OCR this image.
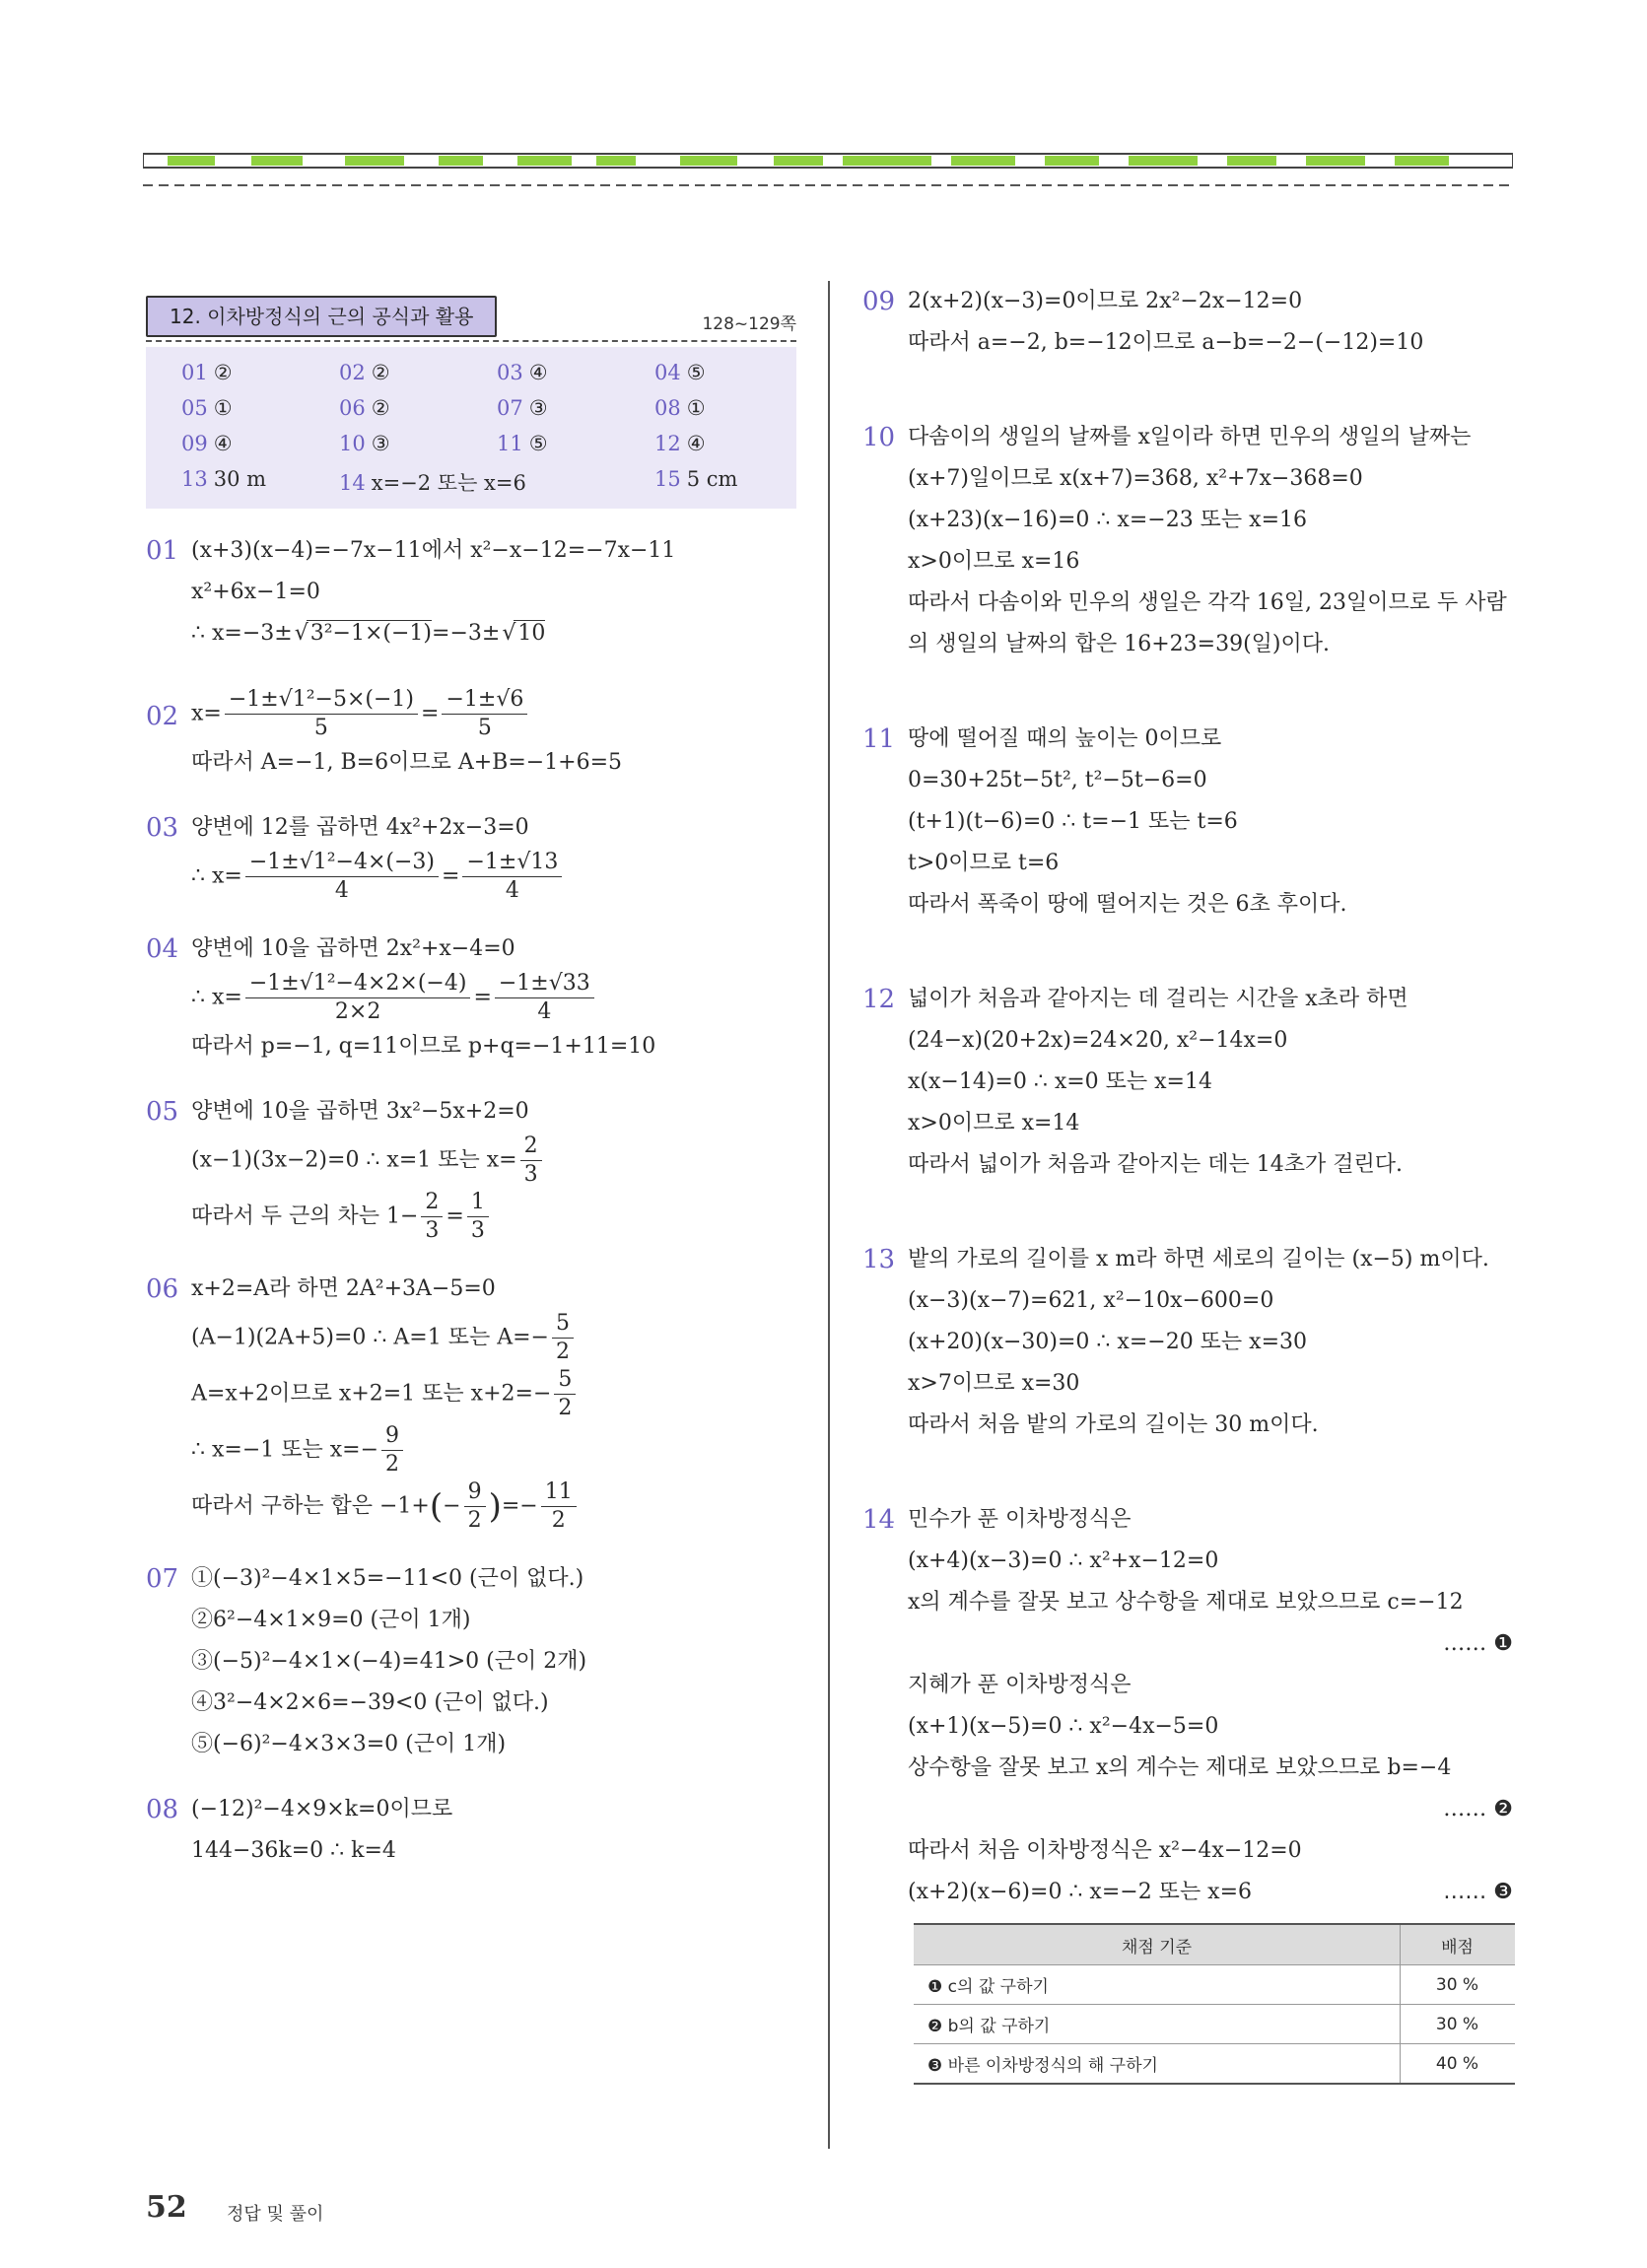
12. 이차방정식의 근의 공식과 활용	128~129쪽
01 ②	02 ②	03 ④	04 ⑤
05 ①	06 ②	07 ③	08 ①
09 ④	10 ③	11 ⑤	12 ④
13 30 m	14 x=−2 또는 x=6	15 5 cm
01 (x+3)(x−4)=−7x−11에서 x²−x−12=−7x−11
x²+6x−1=0
∴ x=−3± √ 3²−1×(−1)=−3± √ 10
02 $x= \frac{\text{−1±√1²−5×(−1)}}{5} = \frac{-1\pm√6}{5}$
따라서 A=−1, B=6이므로 A+B=−1+6=5
03 양변에 12를 곱하면 4x²+2x−3=0
∴ $x= \frac{\text{−1±√1²−4×(−3)}}{4} = \frac{-1\pm√13}{4}$
04 양변에 10을 곱하면 2x²+x−4=0
∴ $x= \frac{\text{−1±√1²−4×2×(−4)}}{2\times 2} = \frac{-1\pm√33}{4}$
따라서 p=−1, q=11이므로 p+q=−1+11=10
05 양변에 10을 곱하면 3x²−5x+2=0
(x−1)(3x−2)=0 ∴ x=1 또는 $x= \frac{2}{3}$
따라서 두 근의 차는 $1- \frac{2}{3} = \frac{1}{3}$
06 x+2=A라 하면 2A²+3A−5=0
(A−1)(2A+5)=0 ∴ A=1 또는 $A=- \frac{5}{2}$
A=x+2이므로 x+2=1 또는 $x+2=- \frac{5}{2}$
∴ x=−1 또는 $x=- \frac{9}{2}$
따라서 구하는 합은 $-1+(- \frac{9}{2}$ )=− $\frac{11}{2}$
07 ①(−3)²−4×1×5=−11<0 (근이 없다.)
②6²−4×1×9=0 (근이 1개)
③(−5)²−4×1×(−4)=41>0 (근이 2개)
④3²−4×2×6=−39<0 (근이 없다.)
⑤(−6)²−4×3×3=0 (근이 1개)
08 (−12)²−4×9×k=0이므로
144−36k=0 ∴ k=4
09 2(x+2)(x−3)=0이므로 2x²−2x−12=0
따라서 a=−2, b=−12이므로 a−b=−2−(−12)=10
10 다솜이의 생일의 날짜를 x일이라 하면 민우의 생일의 날짜는
(x+7)일이므로 x(x+7)=368, x²+7x−368=0
(x+23)(x−16)=0 ∴ x=−23 또는 x=16
x>0이므로 x=16
따라서 다솜이와 민우의 생일은 각각 16일, 23일이므로 두 사람
의 생일의 날짜의 합은 16+23=39(일)이다.
11 땅에 떨어질 때의 높이는 0이므로
0=30+25t−5t², t²−5t−6=0
(t+1)(t−6)=0 ∴ t=−1 또는 t=6
t>0이므로 t=6
따라서 폭죽이 땅에 떨어지는 것은 6초 후이다.
12 넓이가 처음과 같아지는 데 걸리는 시간을 x초라 하면
(24−x)(20+2x)=24×20, x²−14x=0
x(x−14)=0 ∴ x=0 또는 x=14
x>0이므로 x=14
따라서 넓이가 처음과 같아지는 데는 14초가 걸린다.
13 밭의 가로의 길이를 x m라 하면 세로의 길이는 (x−5) m이다.
(x−3)(x−7)=621, x²−10x−600=0
(x+20)(x−30)=0 ∴ x=−20 또는 x=30
x>7이므로 x=30
따라서 처음 밭의 가로의 길이는 30 m이다.
14 민수가 푼 이차방정식은
(x+4)(x−3)=0 ∴ x²+x−12=0
x의 계수를 잘못 보고 상수항을 제대로 보았으므로 c=−12
…… ❶
지혜가 푼 이차방정식은
(x+1)(x−5)=0 ∴ x²−4x−5=0
상수항을 잘못 보고 x의 계수는 제대로 보았으므로 b=−4
…… ❷
따라서 처음 이차방정식은 x²−4x−12=0
(x+2)(x−6)=0 ∴ x=−2 또는 x=6	…… ❸
채점 기준	배점
❶ c의 값 구하기	30 %
❷ b의 값 구하기	30 %
❸ 바른 이차방정식의 해 구하기	40 %
52 정답 및 풀이
